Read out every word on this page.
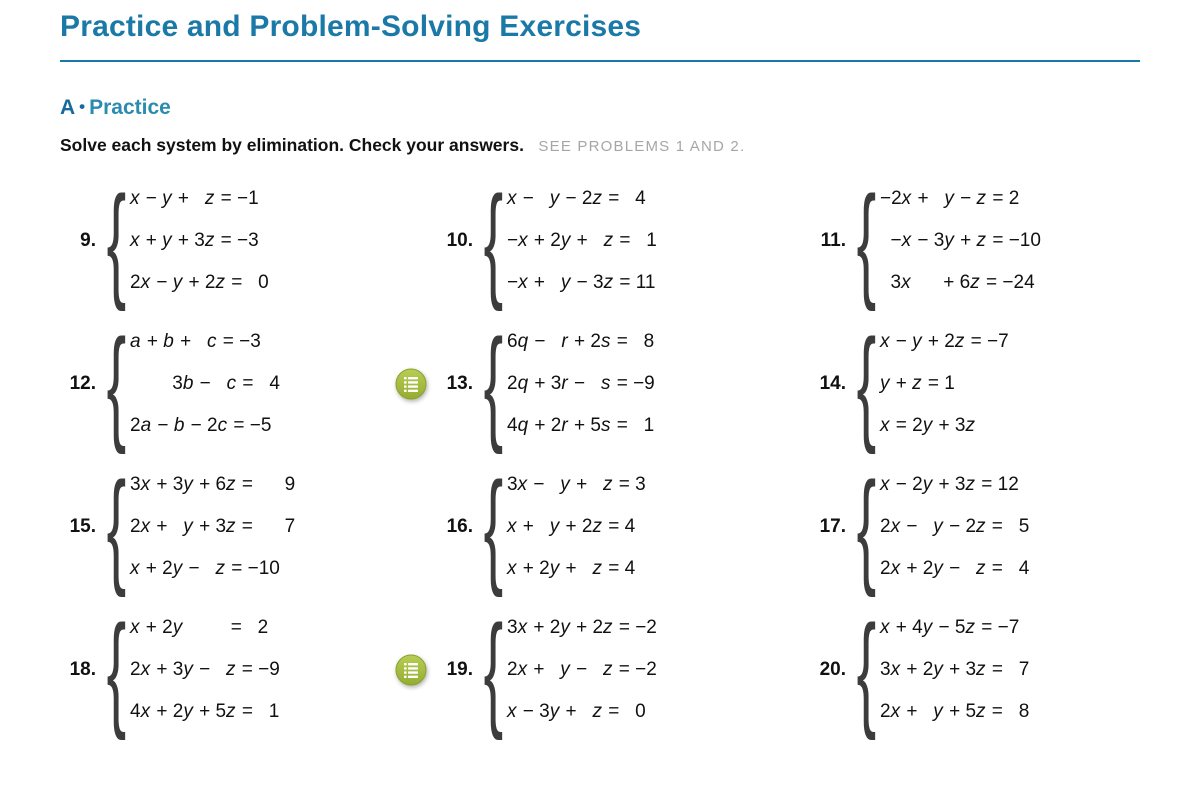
Practice and Problem-Solving Exercises
A • Practice
Solve each system by elimination. Check your answers. SEE PROBLEMS 1 AND 2.
9. { x − y + z = −1
x + y + 3 z = −3
2 x − y + 2 z =   0
10. { x − y − 2 z =   4
− x + 2 y + z =   1
− x + y − 3 z = 11
11. { −2 x + y − z = 2
− x − 3 y + z = −10
3 x + 6 z = −24
12. { a + b + c = −3
3 b − c =   4
2 a − b − 2 c = −5
13. { 6 q − r + 2 s =   8
2 q + 3 r − s = −9
4 q + 2 r + 5 s =   1
14. { x − y + 2 z = −7
y + z = 1
x = 2 y + 3 z
15. { 3 x + 3 y + 6 z =      9
2 x + y + 3 z =      7
x + 2 y − z = −10
16. { 3 x − y + z = 3
x + y + 2 z = 4
x + 2 y + z = 4
17. { x − 2 y + 3 z = 12
2 x − y − 2 z =   5
2 x + 2 y − z =   4
18. { x + 2 y =   2
2 x + 3 y − z = −9
4 x + 2 y + 5 z =   1
19. { 3 x + 2 y + 2 z = −2
2 x + y − z = −2
x − 3 y + z =   0
20. { x + 4 y − 5 z = −7
3 x + 2 y + 3 z =   7
2 x + y + 5 z =   8
